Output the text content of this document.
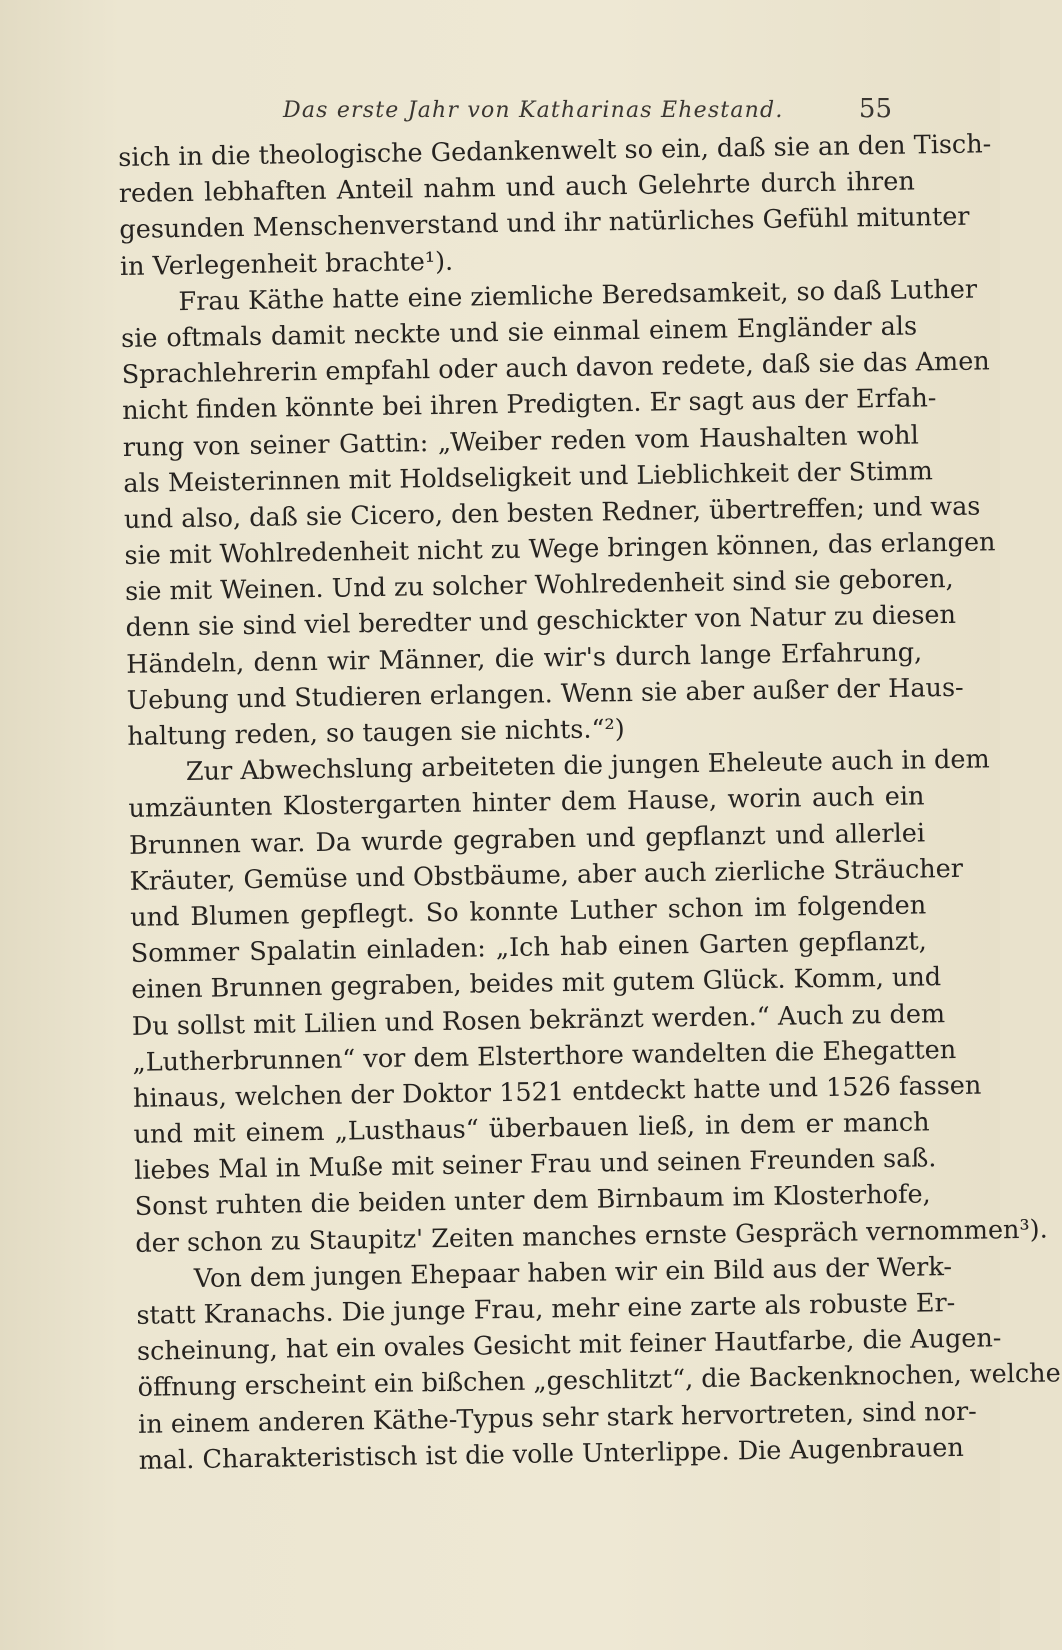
Das erste Jahr von Katharinas Ehestand.	55
sich in die theologische Gedankenwelt so ein, daß sie an den Tisch-
reden lebhaften Anteil nahm und auch Gelehrte durch ihren
gesunden Menschenverstand und ihr natürliches Gefühl mitunter
in Verlegenheit brachte¹).
Frau Käthe hatte eine ziemliche Beredsamkeit, so daß Luther
sie oftmals damit neckte und sie einmal einem Engländer als
Sprachlehrerin empfahl oder auch davon redete, daß sie das Amen
nicht finden könnte bei ihren Predigten. Er sagt aus der Erfah-
rung von seiner Gattin: „Weiber reden vom Haushalten wohl
als Meisterinnen mit Holdseligkeit und Lieblichkeit der Stimm
und also, daß sie Cicero, den besten Redner, übertreffen; und was
sie mit Wohlredenheit nicht zu Wege bringen können, das erlangen
sie mit Weinen. Und zu solcher Wohlredenheit sind sie geboren,
denn sie sind viel beredter und geschickter von Natur zu diesen
Händeln, denn wir Männer, die wir's durch lange Erfahrung,
Uebung und Studieren erlangen. Wenn sie aber außer der Haus-
haltung reden, so taugen sie nichts.“²)
Zur Abwechslung arbeiteten die jungen Eheleute auch in dem
umzäunten Klostergarten hinter dem Hause, worin auch ein
Brunnen war. Da wurde gegraben und gepflanzt und allerlei
Kräuter, Gemüse und Obstbäume, aber auch zierliche Sträucher
und Blumen gepflegt. So konnte Luther schon im folgenden
Sommer Spalatin einladen: „Ich hab einen Garten gepflanzt,
einen Brunnen gegraben, beides mit gutem Glück. Komm, und
Du sollst mit Lilien und Rosen bekränzt werden.“ Auch zu dem
„Lutherbrunnen“ vor dem Elsterthore wandelten die Ehegatten
hinaus, welchen der Doktor 1521 entdeckt hatte und 1526 fassen
und mit einem „Lusthaus“ überbauen ließ, in dem er manch
liebes Mal in Muße mit seiner Frau und seinen Freunden saß.
Sonst ruhten die beiden unter dem Birnbaum im Klosterhofe,
der schon zu Staupitz' Zeiten manches ernste Gespräch vernommen³).
Von dem jungen Ehepaar haben wir ein Bild aus der Werk-
statt Kranachs. Die junge Frau, mehr eine zarte als robuste Er-
scheinung, hat ein ovales Gesicht mit feiner Hautfarbe, die Augen-
öffnung erscheint ein bißchen „geschlitzt“, die Backenknochen, welche
in einem anderen Käthe-Typus sehr stark hervortreten, sind nor-
mal. Charakteristisch ist die volle Unterlippe. Die Augenbrauen
